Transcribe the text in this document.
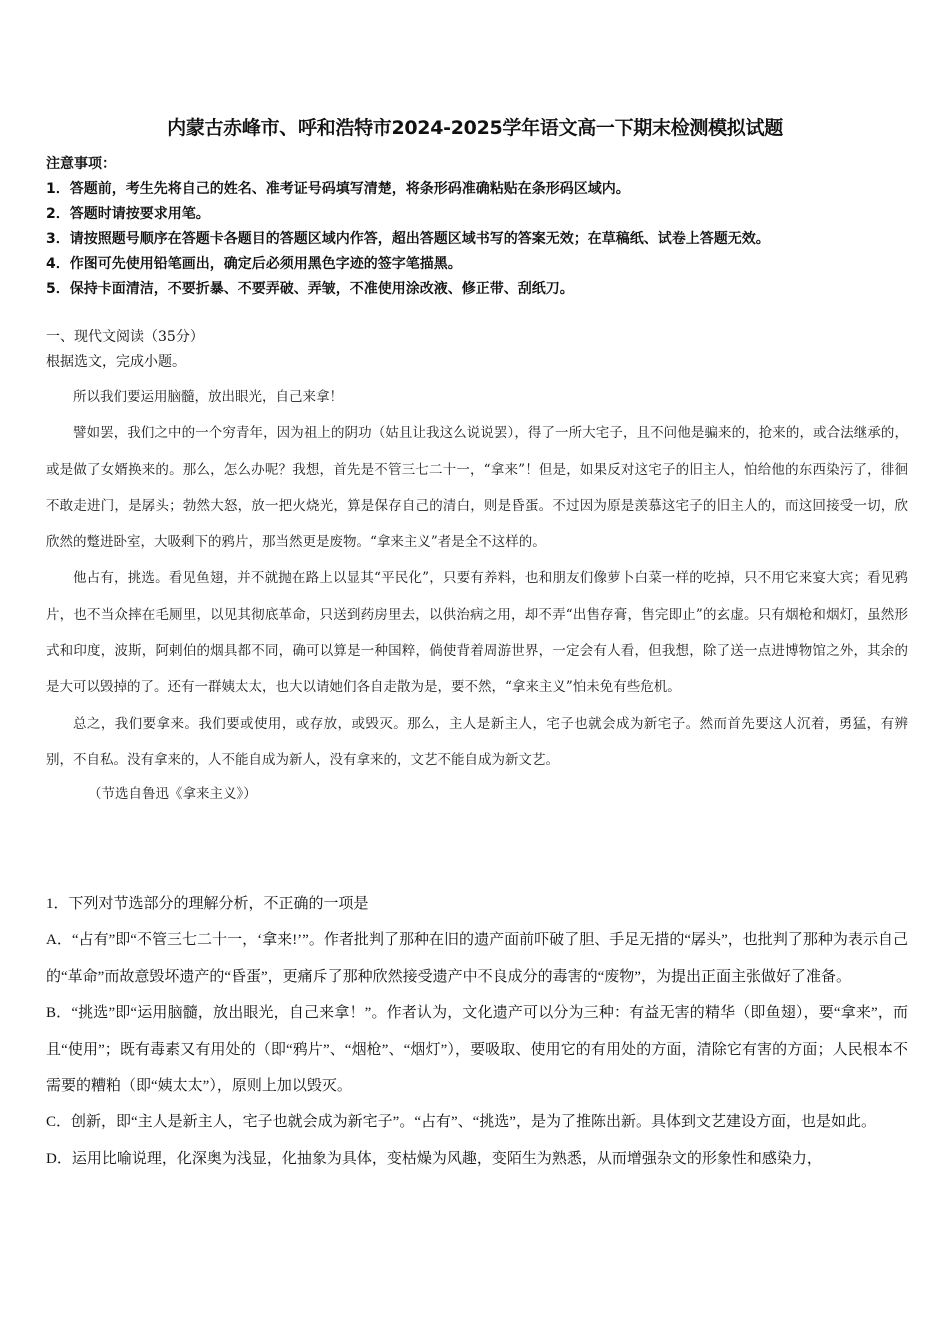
内蒙古赤峰市、呼和浩特市2024-2025学年语文高一下期末检测模拟试题
注意事项：
1．答题前，考生先将自己的姓名、准考证号码填写清楚，将条形码准确粘贴在条形码区域内。
2．答题时请按要求用笔。
3．请按照题号顺序在答题卡各题目的答题区域内作答，超出答题区域书写的答案无效；在草稿纸、试卷上答题无效。
4．作图可先使用铅笔画出，确定后必须用黑色字迹的签字笔描黑。
5．保持卡面清洁，不要折暴、不要弄破、弄皱，不准使用涂改液、修正带、刮纸刀。
一、现代文阅读（35分）
根据选文，完成小题。

所以我们要运用脑髓，放出眼光，自己来拿！

譬如罢，我们之中的一个穷青年，因为祖上的阴功（姑且让我这么说说罢），得了一所大宅子，且不问他是骗来的，抢来的，或合法继承的，或是做了女婿换来的。那么，怎么办呢？我想，首先是不管三七二十一，“拿来”！但是，如果反对这宅子的旧主人，怕给他的东西染污了，徘徊不敢走进门，是孱头；勃然大怒，放一把火烧光，算是保存自己的清白，则是昏蛋。不过因为原是羡慕这宅子的旧主人的，而这回接受一切，欣欣然的蹩进卧室，大吸剩下的鸦片，那当然更是废物。“拿来主义”者是全不这样的。

他占有，挑选。看见鱼翅，并不就抛在路上以显其“平民化”，只要有养料，也和朋友们像萝卜白菜一样的吃掉，只不用它来宴大宾；看见鸦片，也不当众摔在毛厕里，以见其彻底革命，只送到药房里去，以供治病之用，却不弄“出售存膏，售完即止”的玄虚。只有烟枪和烟灯，虽然形式和印度，波斯，阿剌伯的烟具都不同，确可以算是一种国粹，倘使背着周游世界，一定会有人看，但我想，除了送一点进博物馆之外，其余的是大可以毁掉的了。还有一群姨太太，也大以请她们各自走散为是，要不然，“拿来主义”怕未免有些危机。

总之，我们要拿来。我们要或使用，或存放，或毁灭。那么，主人是新主人，宅子也就会成为新宅子。然而首先要这人沉着，勇猛，有辨别，不自私。没有拿来的，人不能自成为新人，没有拿来的，文艺不能自成为新文艺。

（节选自鲁迅《拿来主义》）

1．下列对节选部分的理解分析，不正确的一项是

A．“占有”即“不管三七二十一，‘拿来!’”。作者批判了那种在旧的遗产面前吓破了胆、手足无措的“孱头”，也批判了那种为表示自己的“革命”而故意毁坏遗产的“昏蛋”，更痛斥了那种欣然接受遗产中不良成分的毒害的“废物”，为提出正面主张做好了准备。

B．“挑选”即“运用脑髓，放出眼光，自己来拿！”。作者认为，文化遗产可以分为三种：有益无害的精华（即鱼翅），要“拿来”，而且“使用”；既有毒素又有用处的（即“鸦片”、“烟枪”、“烟灯”），要吸取、使用它的有用处的方面，清除它有害的方面；人民根本不需要的糟粕（即“姨太太”），原则上加以毁灭。

C．创新，即“主人是新主人，宅子也就会成为新宅子”。“占有”、“挑选”，是为了推陈出新。具体到文艺建设方面，也是如此。

D．运用比喻说理，化深奥为浅显，化抽象为具体，变枯燥为风趣，变陌生为熟悉，从而增强杂文的形象性和感染力，
